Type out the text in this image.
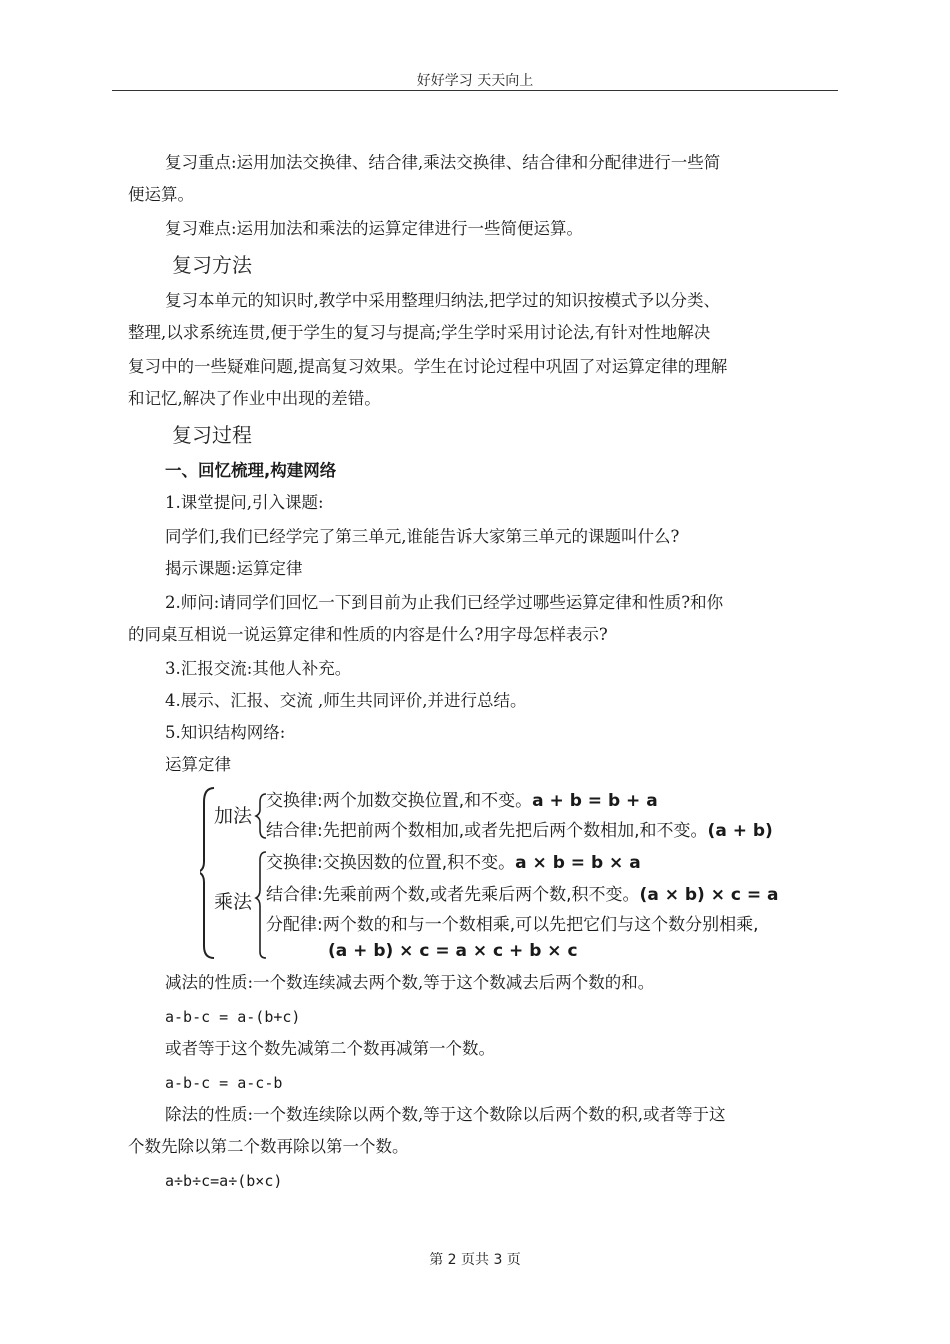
好好学习 天天向上
复习重点:运用加法交换律、结合律,乘法交换律、结合律和分配律进行一些简
便运算。
复习难点:运用加法和乘法的运算定律进行一些简便运算。
复习方法
复习本单元的知识时,教学中采用整理归纳法,把学过的知识按模式予以分类、
整理,以求系统连贯,便于学生的复习与提高;学生学时采用讨论法,有针对性地解决
复习中的一些疑难问题,提高复习效果。学生在讨论过程中巩固了对运算定律的理解
和记忆,解决了作业中出现的差错。
复习过程
一、回忆梳理,构建网络
1.课堂提问,引入课题:
同学们,我们已经学完了第三单元,谁能告诉大家第三单元的课题叫什么?
揭示课题:运算定律
2.师问:请同学们回忆一下到目前为止我们已经学过哪些运算定律和性质?和你
的同桌互相说一说运算定律和性质的内容是什么?用字母怎样表示?
3.汇报交流:其他人补充。
4.展示、汇报、交流 ,师生共同评价,并进行总结。
5.知识结构网络:
运算定律
加法
交换律:两个加数交换位置,和不变。a + b = b + a
结合律:先把前两个数相加,或者先把后两个数相加,和不变。(a + b)
乘法
交换律:交换因数的位置,积不变。a × b = b × a
结合律:先乘前两个数,或者先乘后两个数,积不变。(a × b) × c = a
分配律:两个数的和与一个数相乘,可以先把它们与这个数分别相乘,
(a + b) × c = a × c + b × c
减法的性质:一个数连续减去两个数,等于这个数减去后两个数的和。
a-b-c = a-(b+c)
或者等于这个数先减第二个数再减第一个数。
a-b-c = a-c-b
除法的性质:一个数连续除以两个数,等于这个数除以后两个数的积,或者等于这
个数先除以第二个数再除以第一个数。
a÷b÷c=a÷(b×c)
第 2 页共 3 页
